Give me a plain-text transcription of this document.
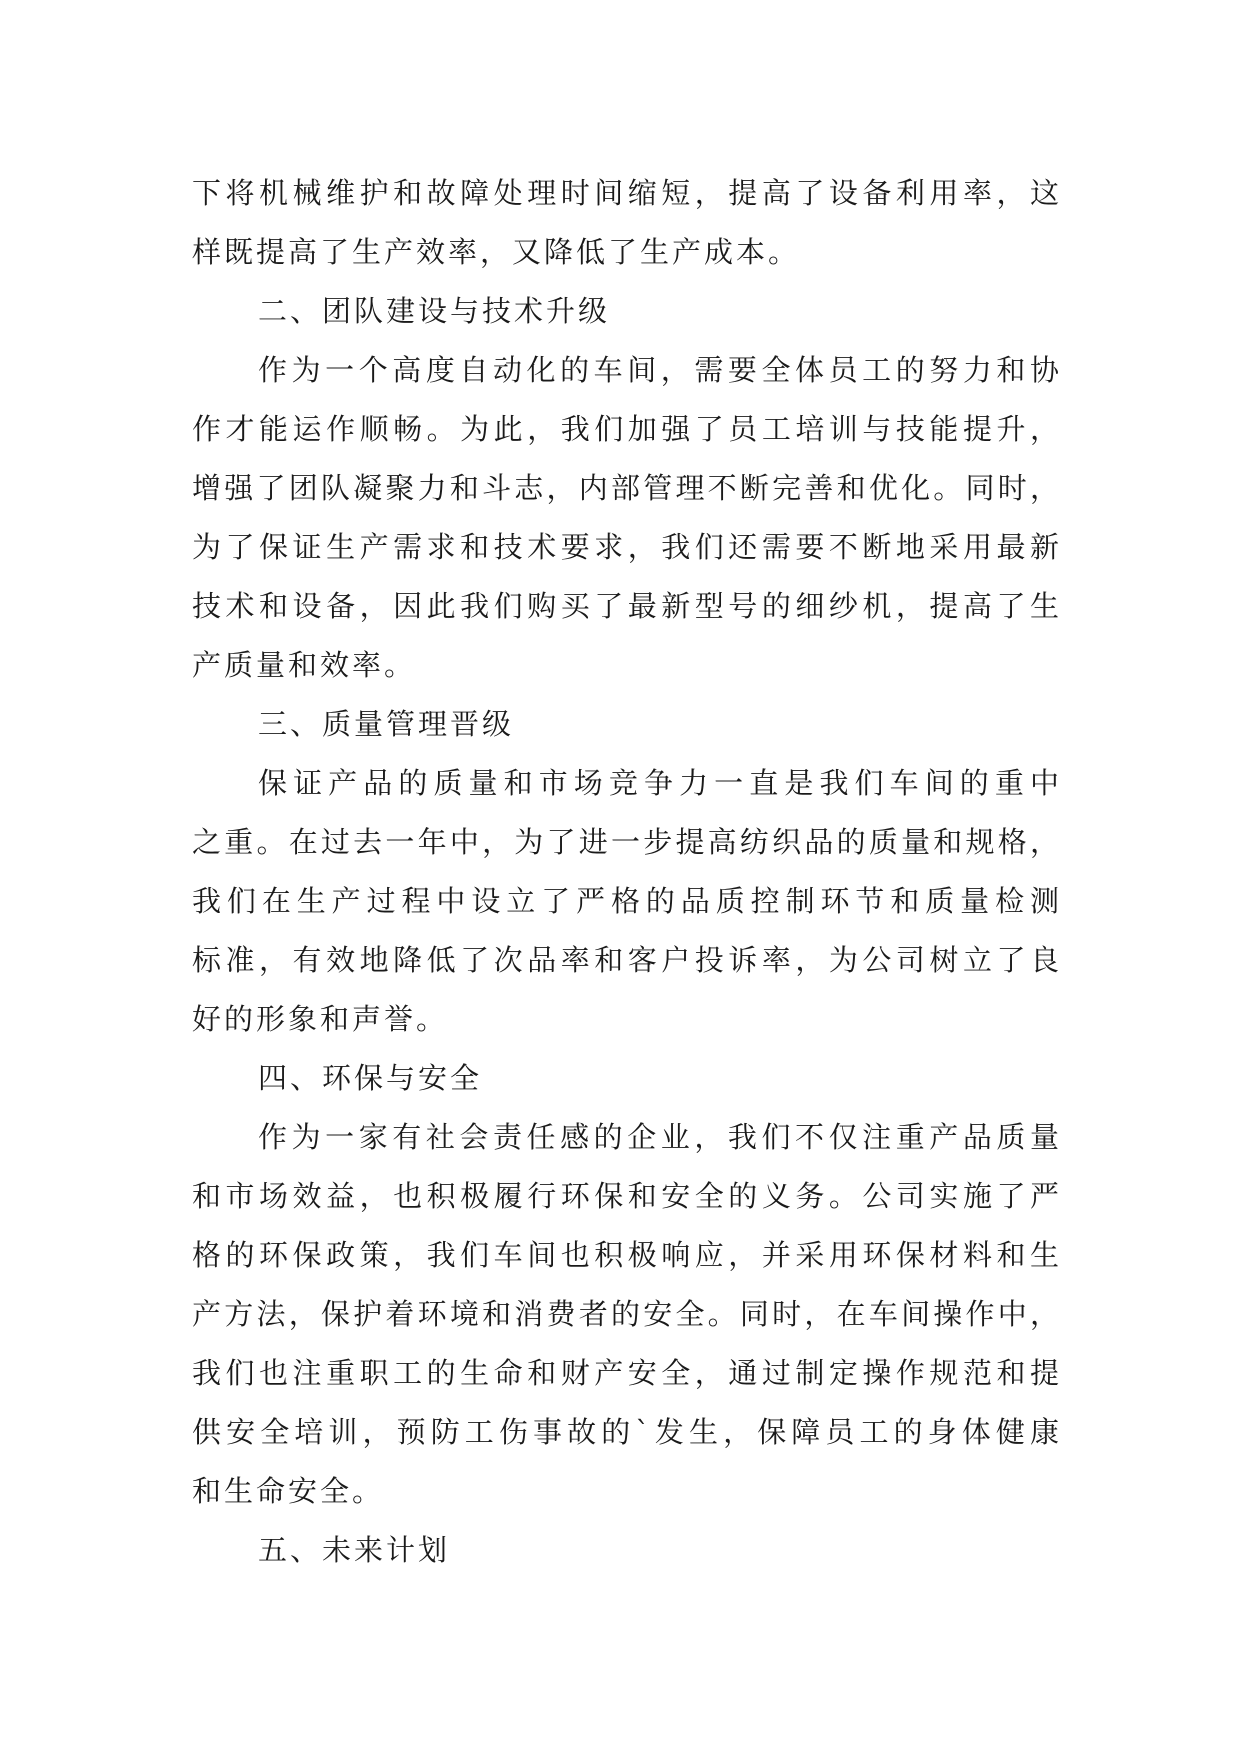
下将机械维护和故障处理时间缩短，提高了设备利用率，这
样既提高了生产效率，又降低了生产成本。
二、团队建设与技术升级
作为一个高度自动化的车间，需要全体员工的努力和协
作才能运作顺畅。为此，我们加强了员工培训与技能提升，
增强了团队凝聚力和斗志，内部管理不断完善和优化。同时，
为了保证生产需求和技术要求，我们还需要不断地采用最新
技术和设备，因此我们购买了最新型号的细纱机，提高了生
产质量和效率。
三、质量管理晋级
保证产品的质量和市场竞争力一直是我们车间的重中
之重。在过去一年中，为了进一步提高纺织品的质量和规格，
我们在生产过程中设立了严格的品质控制环节和质量检测
标准，有效地降低了次品率和客户投诉率，为公司树立了良
好的形象和声誉。
四、环保与安全
作为一家有社会责任感的企业，我们不仅注重产品质量
和市场效益，也积极履行环保和安全的义务。公司实施了严
格的环保政策，我们车间也积极响应，并采用环保材料和生
产方法，保护着环境和消费者的安全。同时，在车间操作中，
我们也注重职工的生命和财产安全，通过制定操作规范和提
供安全培训，预防工伤事故的`发生，保障员工的身体健康
和生命安全。
五、未来计划
